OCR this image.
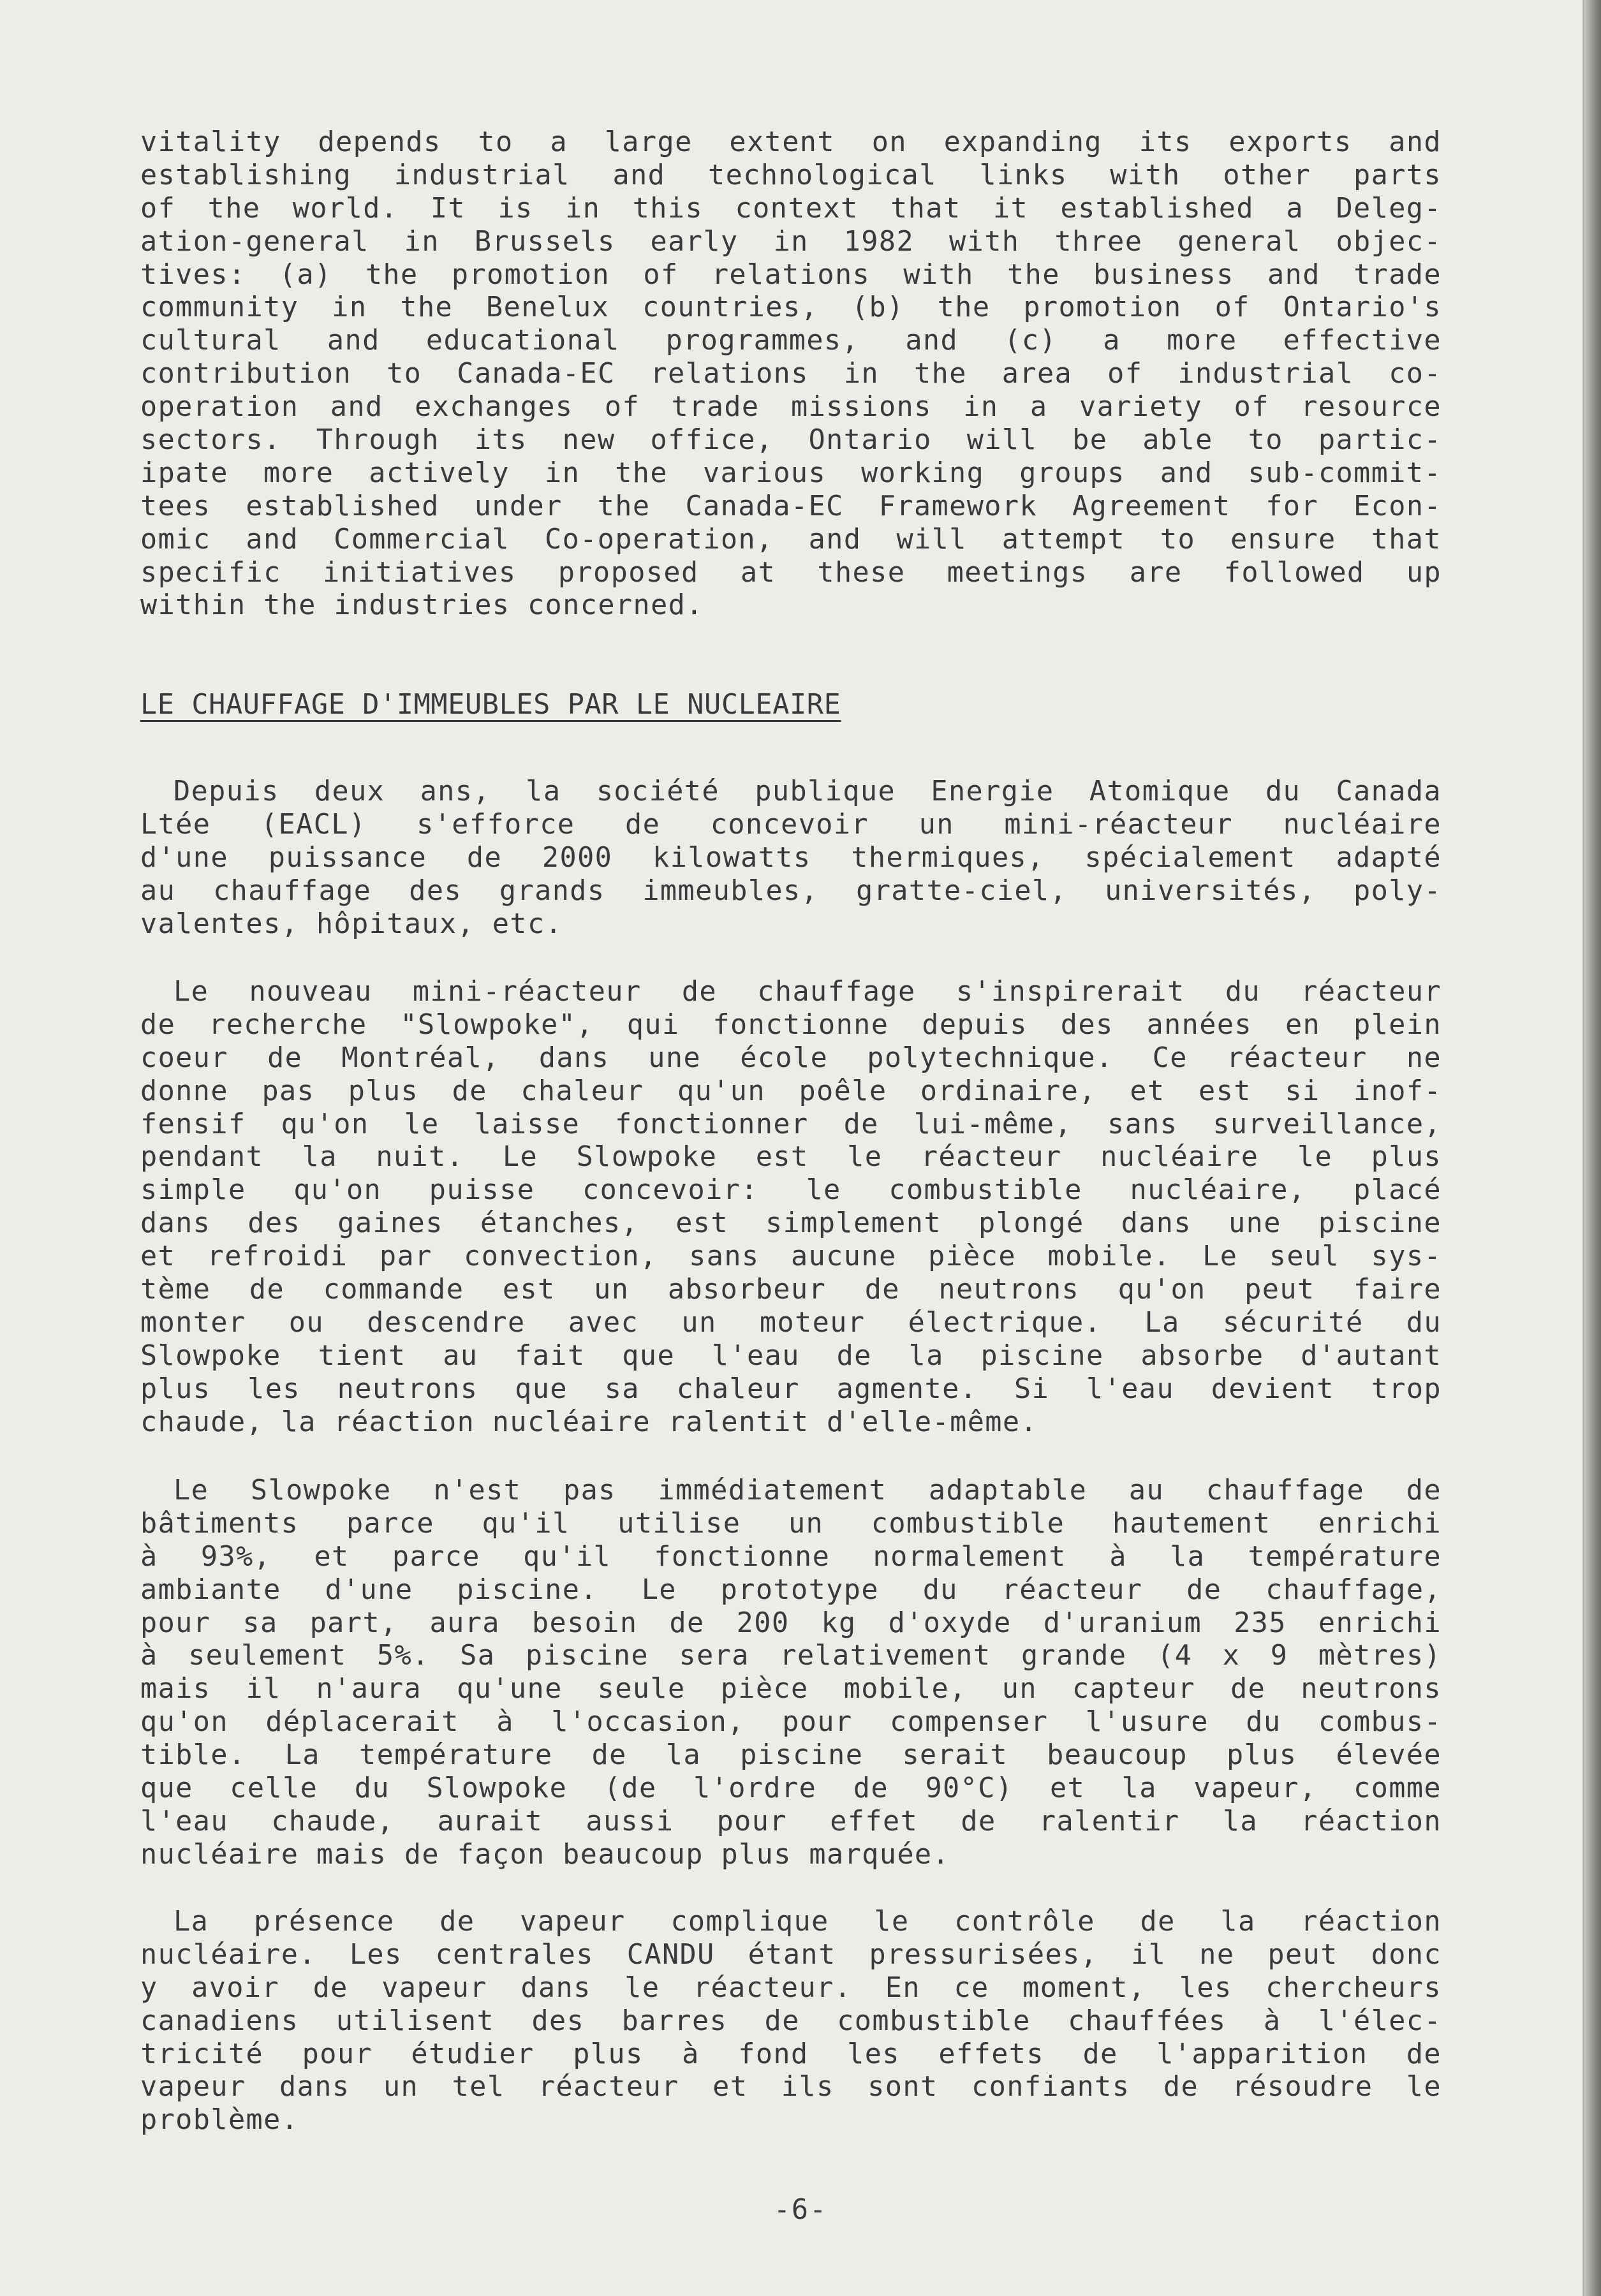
vitality depends to a large extent on expanding its exports and
establishing industrial and technological links with other parts
of the world. It is in this context that it established a Deleg-
ation-general in Brussels early in 1982 with three general objec-
tives: (a) the promotion of relations with the business and trade
community in the Benelux countries, (b) the promotion of Ontario's
cultural and educational programmes, and (c) a more effective
contribution to Canada-EC relations in the area of industrial co-
operation and exchanges of trade missions in a variety of resource
sectors. Through its new office, Ontario will be able to partic-
ipate more actively in the various working groups and sub-commit-
tees established under the Canada-EC Framework Agreement for Econ-
omic and Commercial Co-operation, and will attempt to ensure that
specific initiatives proposed at these meetings are followed up
within the industries concerned.
LE CHAUFFAGE D'IMMEUBLES PAR LE NUCLEAIRE
Depuis deux ans, la société publique Energie Atomique du Canada
Ltée (EACL) s'efforce de concevoir un mini-réacteur nucléaire
d'une puissance de 2000 kilowatts thermiques, spécialement adapté
au chauffage des grands immeubles, gratte-ciel, universités, poly-
valentes, hôpitaux, etc.
Le nouveau mini-réacteur de chauffage s'inspirerait du réacteur
de recherche "Slowpoke", qui fonctionne depuis des années en plein
coeur de Montréal, dans une école polytechnique. Ce réacteur ne
donne pas plus de chaleur qu'un poêle ordinaire, et est si inof-
fensif qu'on le laisse fonctionner de lui-même, sans surveillance,
pendant la nuit. Le Slowpoke est le réacteur nucléaire le plus
simple qu'on puisse concevoir: le combustible nucléaire, placé
dans des gaines étanches, est simplement plongé dans une piscine
et refroidi par convection, sans aucune pièce mobile. Le seul sys-
tème de commande est un absorbeur de neutrons qu'on peut faire
monter ou descendre avec un moteur électrique. La sécurité du
Slowpoke tient au fait que l'eau de la piscine absorbe d'autant
plus les neutrons que sa chaleur agmente. Si l'eau devient trop
chaude, la réaction nucléaire ralentit d'elle-même.
Le Slowpoke n'est pas immédiatement adaptable au chauffage de
bâtiments parce qu'il utilise un combustible hautement enrichi
à 93%, et parce qu'il fonctionne normalement à la température
ambiante d'une piscine. Le prototype du réacteur de chauffage,
pour sa part, aura besoin de 200 kg d'oxyde d'uranium 235 enrichi
à seulement 5%. Sa piscine sera relativement grande (4 x 9 mètres)
mais il n'aura qu'une seule pièce mobile, un capteur de neutrons
qu'on déplacerait à l'occasion, pour compenser l'usure du combus-
tible. La température de la piscine serait beaucoup plus élevée
que celle du Slowpoke (de l'ordre de 90°C) et la vapeur, comme
l'eau chaude, aurait aussi pour effet de ralentir la réaction
nucléaire mais de façon beaucoup plus marquée.
La présence de vapeur complique le contrôle de la réaction
nucléaire. Les centrales CANDU étant pressurisées, il ne peut donc
y avoir de vapeur dans le réacteur. En ce moment, les chercheurs
canadiens utilisent des barres de combustible chauffées à l'élec-
tricité pour étudier plus à fond les effets de l'apparition de
vapeur dans un tel réacteur et ils sont confiants de résoudre le
problème.
-6-
